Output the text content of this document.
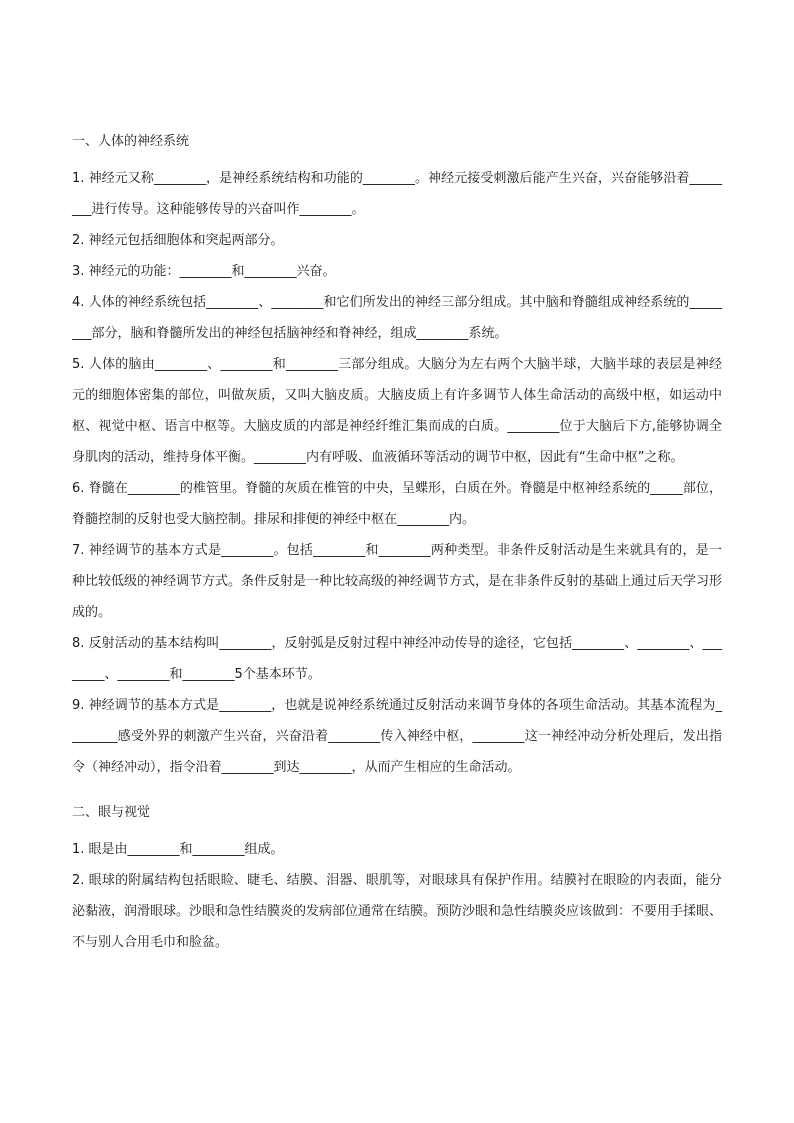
一、人体的神经系统

1. 神经元又称________，是神经系统结构和功能的________。神经元接受刺激后能产生兴奋，兴奋能够沿着________进行传导。这种能够传导的兴奋叫作________。

2. 神经元包括细胞体和突起两部分。

3. 神经元的功能：________和________兴奋。

4. 人体的神经系统包括________、________和它们所发出的神经三部分组成。其中脑和脊髓组成神经系统的________部分，脑和脊髓所发出的神经包括脑神经和脊神经，组成________系统。

5. 人体的脑由________、________和________三部分组成。大脑分为左右两个大脑半球，大脑半球的表层是神经元的细胞体密集的部位，叫做灰质，又叫大脑皮质。大脑皮质上有许多调节人体生命活动的高级中枢，如运动中枢、视觉中枢、语言中枢等。大脑皮质的内部是神经纤维汇集而成的白质。________位于大脑后下方,能够协调全身肌肉的活动，维持身体平衡。________内有呼吸、血液循环等活动的调节中枢，因此有“生命中枢”之称。

6. 脊髓在________的椎管里。脊髓的灰质在椎管的中央，呈蝶形，白质在外。脊髓是中枢神经系统的_____部位，脊髓控制的反射也受大脑控制。排尿和排便的神经中枢在________内。

7. 神经调节的基本方式是________。包括________和________两种类型。非条件反射活动是生来就具有的，是一种比较低级的神经调节方式。条件反射是一种比较高级的神经调节方式，是在非条件反射的基础上通过后天学习形成的。

8. 反射活动的基本结构叫________，反射弧是反射过程中神经冲动传导的途径，它包括________、________、________、________和________5个基本环节。

9. 神经调节的基本方式是________，也就是说神经系统通过反射活动来调节身体的各项生命活动。其基本流程为________感受外界的刺激产生兴奋，兴奋沿着________传入神经中枢，________这一神经冲动分析处理后，发出指令（神经冲动），指令沿着________到达________，从而产生相应的生命活动。

二、眼与视觉

1. 眼是由________和________组成。

2. 眼球的附属结构包括眼睑、睫毛、结膜、泪器、眼肌等，对眼球具有保护作用。结膜衬在眼睑的内表面，能分泌黏液，润滑眼球。沙眼和急性结膜炎的发病部位通常在结膜。预防沙眼和急性结膜炎应该做到：不要用手揉眼、不与别人合用毛巾和脸盆。
